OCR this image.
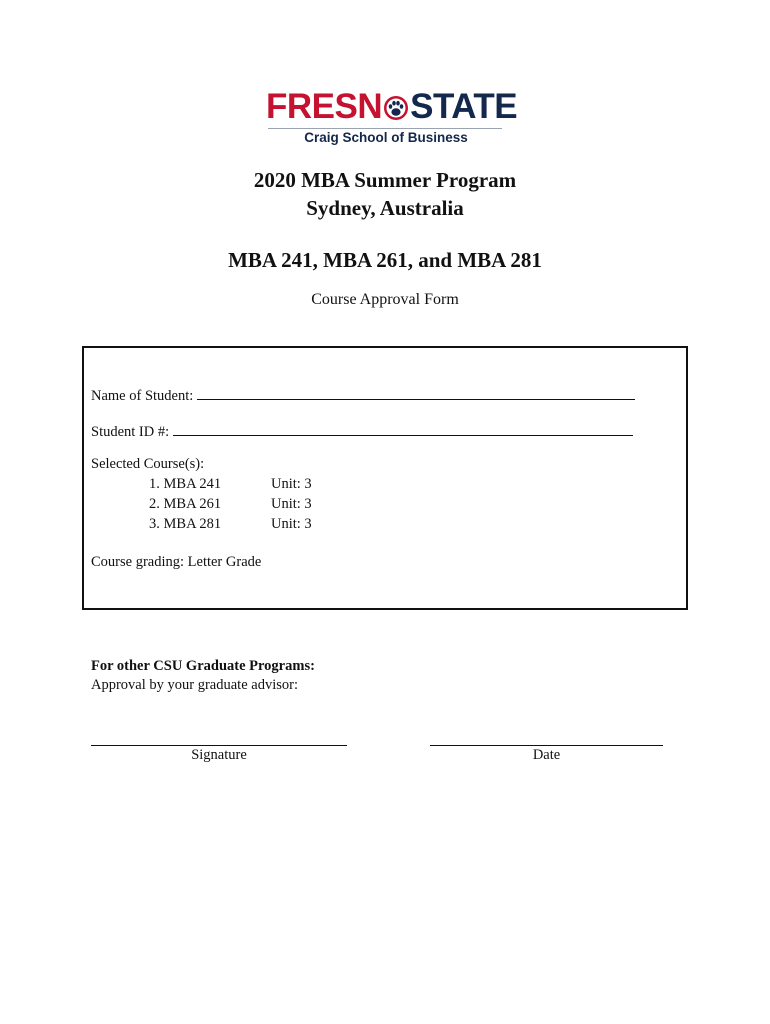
FRESN STATE
Craig School of Business
2020 MBA Summer Program
Sydney, Australia
MBA 241, MBA 261, and MBA 281
Course Approval Form
Name of Student:
Student ID #:
Selected Course(s):
1. MBA 241	Unit: 3
2. MBA 261	Unit: 3
3. MBA 281	Unit: 3
Course grading: Letter Grade
For other CSU Graduate Programs:
Approval by your graduate advisor:
Signature	Date
